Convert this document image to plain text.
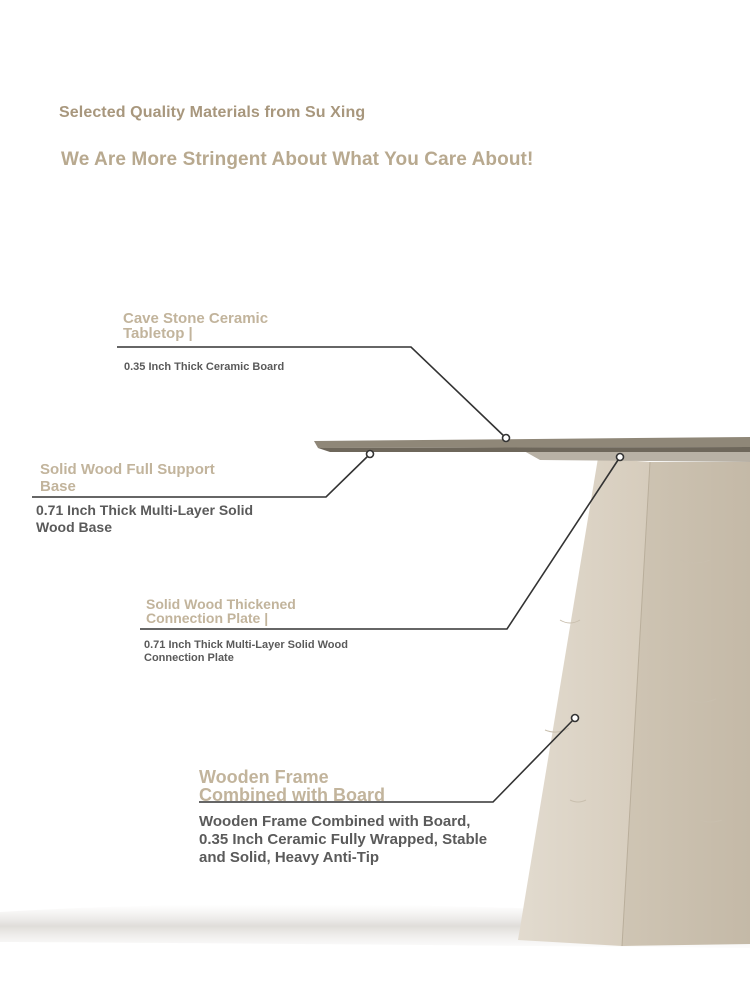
Selected Quality Materials from Su Xing
We Are More Stringent About What You Care About!
Cave Stone Ceramic
Tabletop |
0.35 Inch Thick Ceramic Board
Solid Wood Full Support
Base
0.71 Inch Thick Multi-Layer Solid
Wood Base
Solid Wood Thickened
Connection Plate |
0.71 Inch Thick Multi-Layer Solid Wood
Connection Plate
Wooden Frame
Combined with Board
Wooden Frame Combined with Board,
0.35 Inch Ceramic Fully Wrapped, Stable
and Solid, Heavy Anti-Tip
